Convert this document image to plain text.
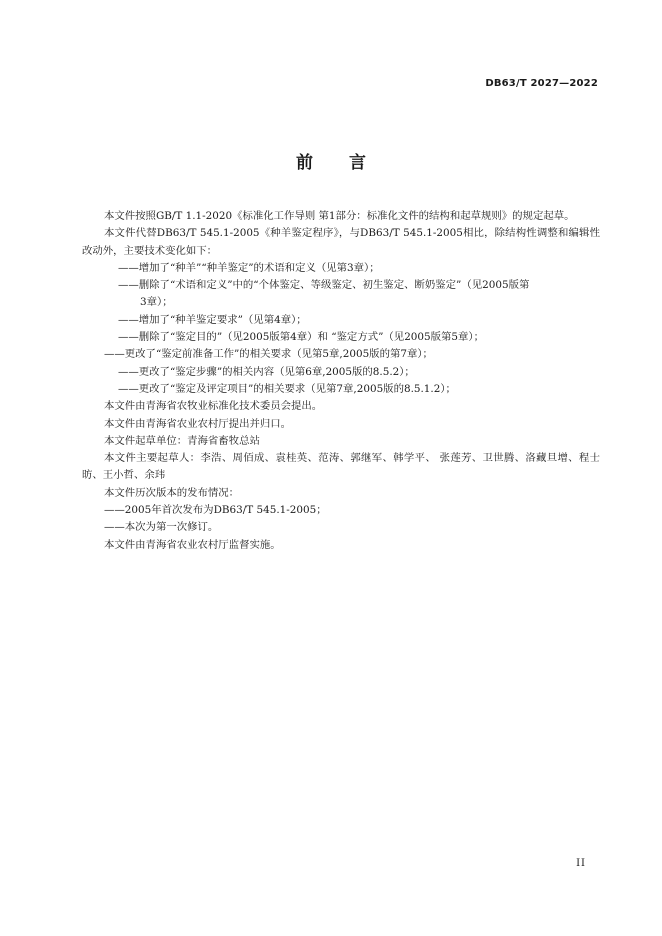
DB63/T 2027—2022
前 言

本文件按照GB/T 1.1-2020《标准化工作导则 第1部分：标准化文件的结构和起草规则》的规定起草。

本文件代替DB63/T 545.1-2005《种羊鉴定程序》，与DB63/T 545.1-2005相比，除结构性调整和编辑性改动外，主要技术变化如下：

——增加了“种羊”“种羊鉴定”的术语和定义（见第3章）；

——删除了“术语和定义”中的“个体鉴定、等级鉴定、初生鉴定、断奶鉴定”（见2005版第
3章）；

——增加了“种羊鉴定要求”（见第4章）；

——删除了“鉴定目的”（见2005版第4章）和 “鉴定方式”（见2005版第5章）；

——更改了“鉴定前准备工作”的相关要求（见第5章,2005版的第7章）；

——更改了“鉴定步骤”的相关内容（见第6章,2005版的8.5.2）；

——更改了“鉴定及评定项目”的相关要求（见第7章,2005版的8.5.1.2）；

本文件由青海省农牧业标准化技术委员会提出。

本文件由青海省农业农村厅提出并归口。

本文件起草单位：青海省畜牧总站

本文件主要起草人：李浩、周佰成、袁桂英、范涛、郭继军、韩学平、 张莲芳、卫世腾、洛藏旦增、程士昉、王小哲、余玮

本文件历次版本的发布情况：

——2005年首次发布为DB63/T 545.1-2005；

——本次为第一次修订。

本文件由青海省农业农村厅监督实施。

II
